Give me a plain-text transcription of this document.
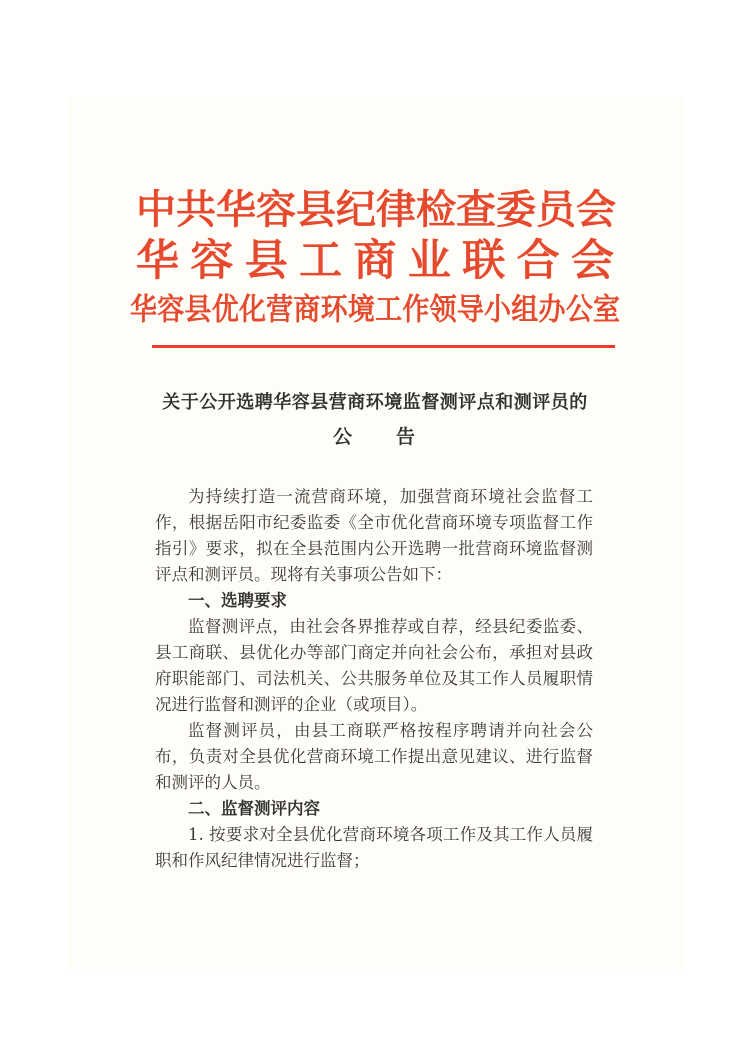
中共华容县纪律检查委员会
华容县工商业联合会
华容县优化营商环境工作领导小组办公室
关于公开选聘华容县营商环境监督测评点和测评员的
公　　告

为持续打造一流营商环境，加强营商环境社会监督工作，根据岳阳市纪委监委《全市优化营商环境专项监督工作指引》要求，拟在全县范围内公开选聘一批营商环境监督测评点和测评员。现将有关事项公告如下：

一、选聘要求

监督测评点，由社会各界推荐或自荐，经县纪委监委、县工商联、县优化办等部门商定并向社会公布，承担对县政府职能部门、司法机关、公共服务单位及其工作人员履职情况进行监督和测评的企业（或项目）。

监督测评员，由县工商联严格按程序聘请并向社会公布，负责对全县优化营商环境工作提出意见建议、进行监督和测评的人员。

二、监督测评内容

1. 按要求对全县优化营商环境各项工作及其工作人员履职和作风纪律情况进行监督；
